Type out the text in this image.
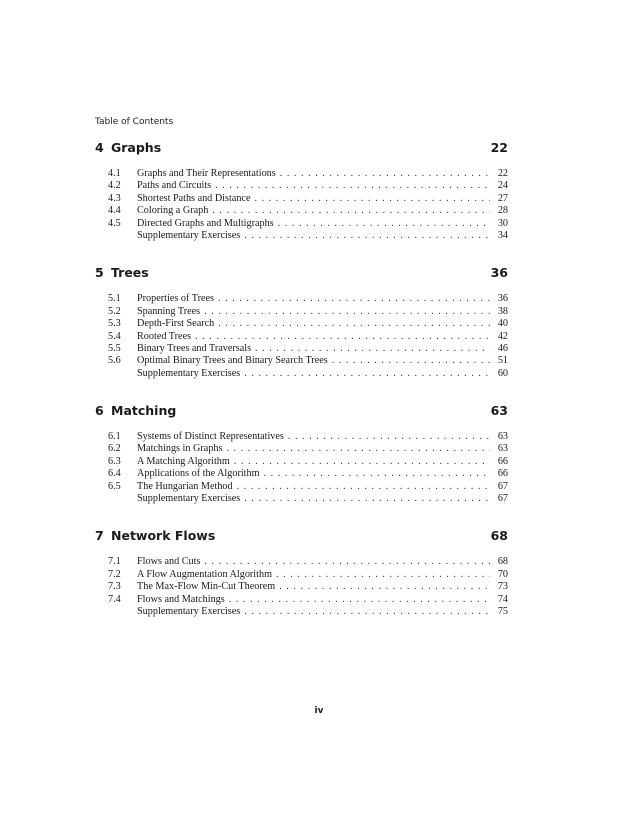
Table of Contents
4 Graphs	22
4.1	Graphs and Their Representations . . .	22
4.2	Paths and Circuits . . .	24
4.3	Shortest Paths and Distance . . .	27
4.4	Coloring a Graph . . .	28
4.5	Directed Graphs and Multigraphs . . .	30
Supplementary Exercises . . .	34
5 Trees	36
5.1	Properties of Trees . . .	36
5.2	Spanning Trees . . .	38
5.3	Depth-First Search . . .	40
5.4	Rooted Trees . . .	42
5.5	Binary Trees and Traversals . . .	46
5.6	Optimal Binary Trees and Binary Search Trees . . .	51
Supplementary Exercises . . .	60
6 Matching	63
6.1	Systems of Distinct Representatives . . .	63
6.2	Matchings in Graphs . . .	63
6.3	A Matching Algorithm . . .	66
6.4	Applications of the Algorithm . . .	66
6.5	The Hungarian Method . . .	67
Supplementary Exercises . . .	67
7 Network Flows	68
7.1	Flows and Cuts . . .	68
7.2	A Flow Augmentation Algorithm . . .	70
7.3	The Max-Flow Min-Cut Theorem . . .	73
7.4	Flows and Matchings . . .	74
Supplementary Exercises . . .	75
iv
